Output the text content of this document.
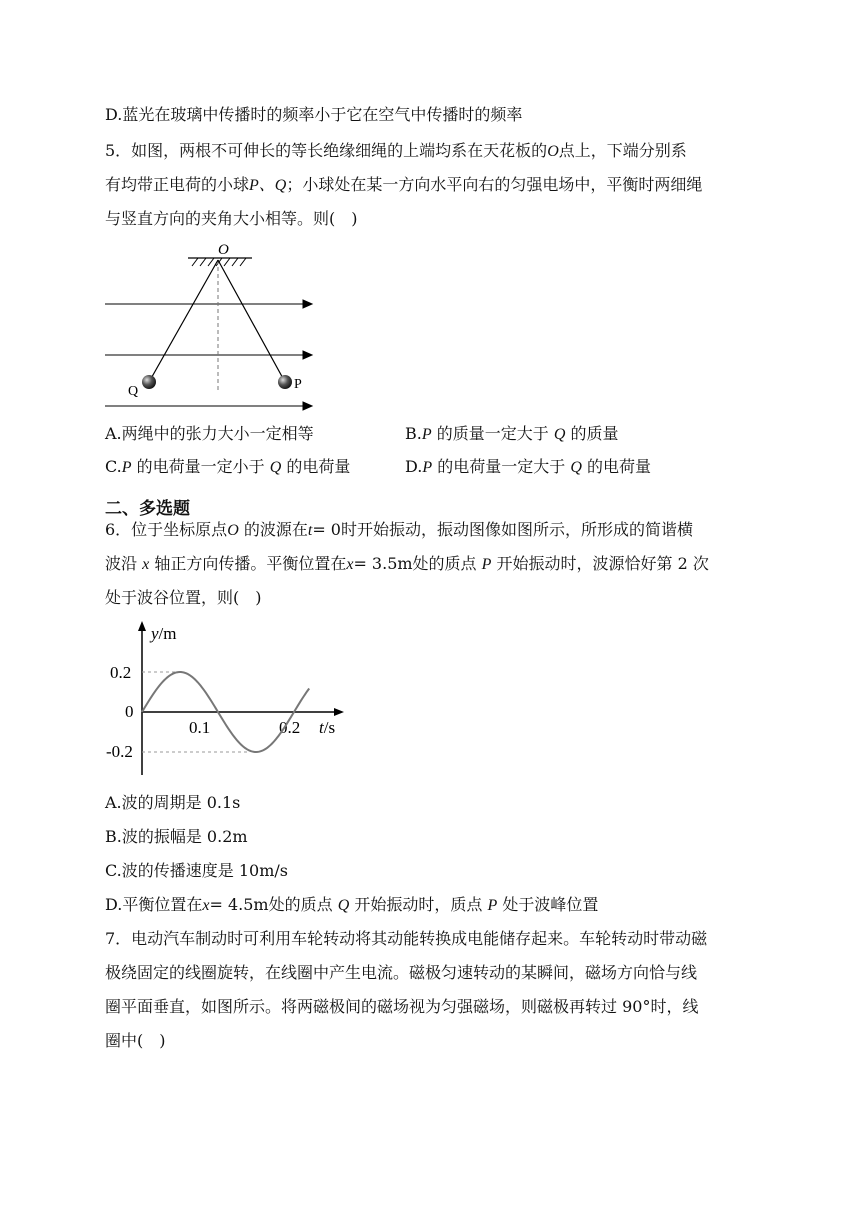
D.蓝光在玻璃中传播时的频率小于它在空气中传播时的频率
5．如图，两根不可伸长的等长绝缘细绳的上端均系在天花板的O点上，下端分别系
有均带正电荷的小球P、Q；小球处在某一方向水平向右的匀强电场中，平衡时两细绳
与竖直方向的夹角大小相等。则(　)
O
Q	P
A.两绳中的张力大小一定相等	B.P 的质量一定大于 Q 的质量
C.P 的电荷量一定小于 Q 的电荷量	D.P 的电荷量一定大于 Q 的电荷量
二、多选题
6．位于坐标原点O 的波源在t= 0时开始振动，振动图像如图所示，所形成的简谐横
波沿 x 轴正方向传播。平衡位置在x= 3.5m处的质点 P 开始振动时，波源恰好第 2 次
处于波谷位置，则(　)
y/m
t/s
0.2
0
-0.2
0.1	0.2
A.波的周期是 0.1s
B.波的振幅是 0.2m
C.波的传播速度是 10m/s
D.平衡位置在x= 4.5m处的质点 Q 开始振动时，质点 P 处于波峰位置
7．电动汽车制动时可利用车轮转动将其动能转换成电能储存起来。车轮转动时带动磁
极绕固定的线圈旋转，在线圈中产生电流。磁极匀速转动的某瞬间，磁场方向恰与线
圈平面垂直，如图所示。将两磁极间的磁场视为匀强磁场，则磁极再转过 90°时，线
圈中(　)
